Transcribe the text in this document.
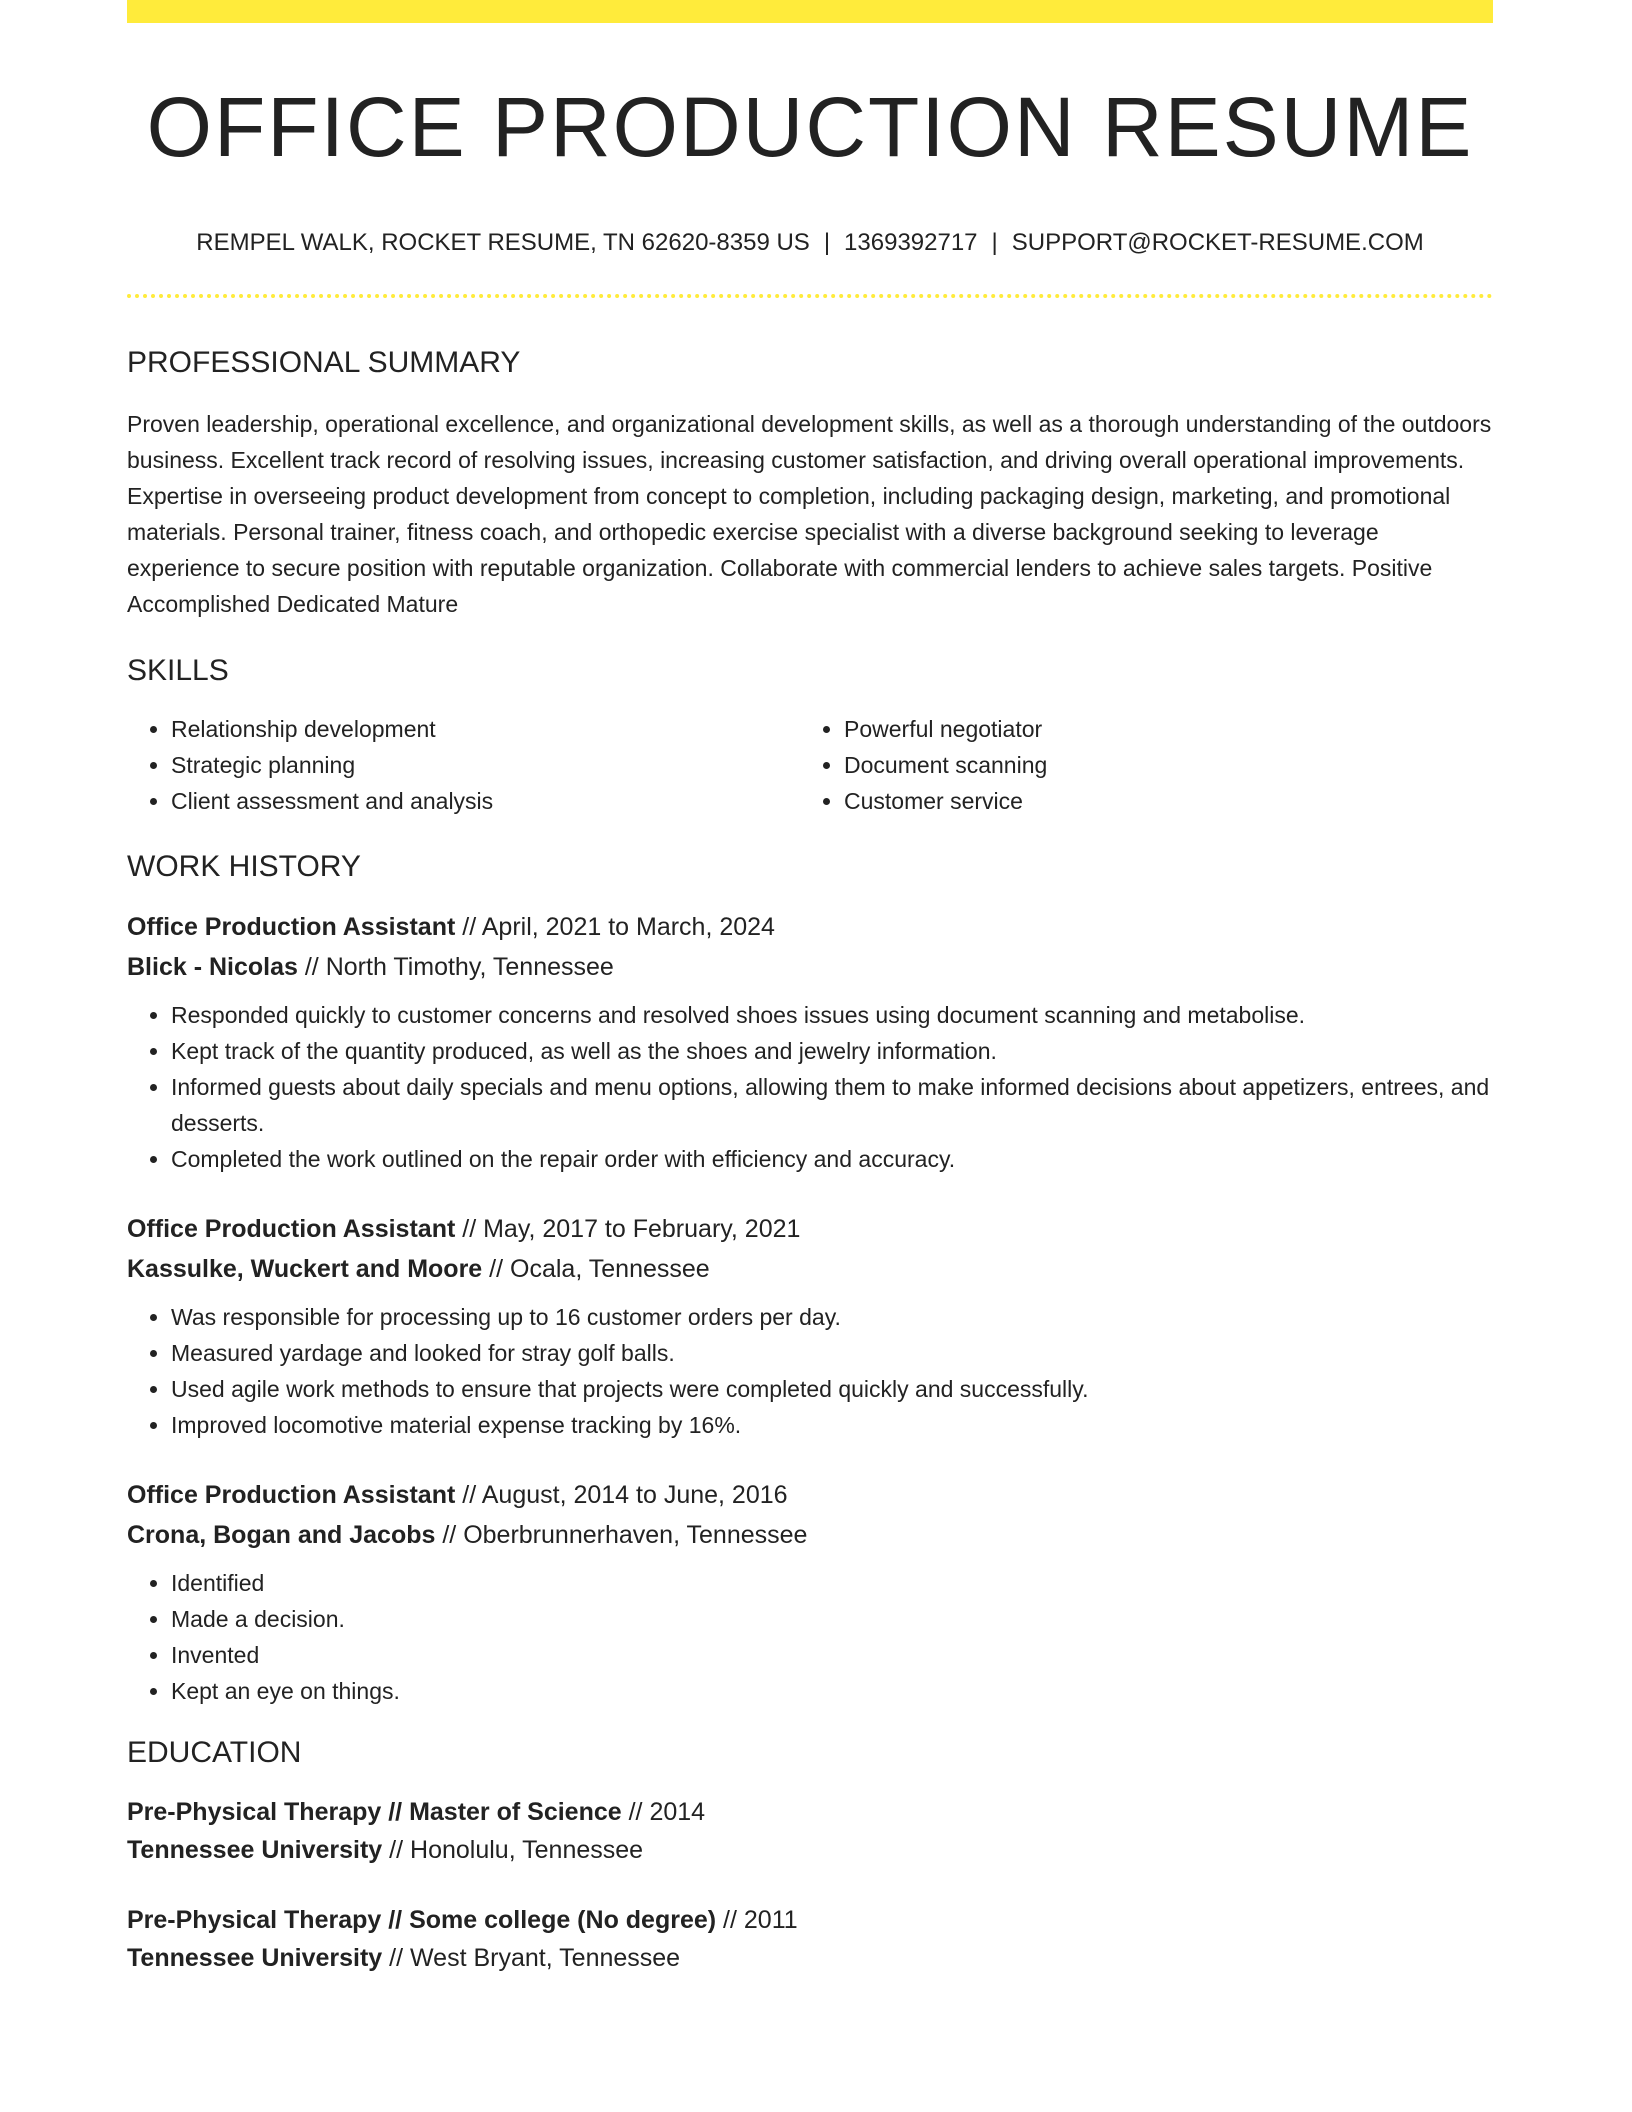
OFFICE PRODUCTION RESUME
REMPEL WALK, ROCKET RESUME, TN 62620-8359 US | 1369392717 | SUPPORT@ROCKET-RESUME.COM
PROFESSIONAL SUMMARY
Proven leadership, operational excellence, and organizational development skills, as well as a thorough understanding of the outdoors business. Excellent track record of resolving issues, increasing customer satisfaction, and driving overall operational improvements. Expertise in overseeing product development from concept to completion, including packaging design, marketing, and promotional materials. Personal trainer, fitness coach, and orthopedic exercise specialist with a diverse background seeking to leverage experience to secure position with reputable organization. Collaborate with commercial lenders to achieve sales targets. Positive Accomplished Dedicated Mature
SKILLS
• Relationship development
• Strategic planning
• Client assessment and analysis
• Powerful negotiator
• Document scanning
• Customer service
WORK HISTORY
Office Production Assistant // April, 2021 to March, 2024
Blick - Nicolas // North Timothy, Tennessee
• Responded quickly to customer concerns and resolved shoes issues using document scanning and metabolise.
• Kept track of the quantity produced, as well as the shoes and jewelry information.
• Informed guests about daily specials and menu options, allowing them to make informed decisions about appetizers, entrees, and desserts.
• Completed the work outlined on the repair order with efficiency and accuracy.
Office Production Assistant // May, 2017 to February, 2021
Kassulke, Wuckert and Moore // Ocala, Tennessee
• Was responsible for processing up to 16 customer orders per day.
• Measured yardage and looked for stray golf balls.
• Used agile work methods to ensure that projects were completed quickly and successfully.
• Improved locomotive material expense tracking by 16%.
Office Production Assistant // August, 2014 to June, 2016
Crona, Bogan and Jacobs // Oberbrunnerhaven, Tennessee
• Identified
• Made a decision.
• Invented
• Kept an eye on things.
EDUCATION
Pre-Physical Therapy // Master of Science // 2014
Tennessee University // Honolulu, Tennessee
Pre-Physical Therapy // Some college (No degree) // 2011
Tennessee University // West Bryant, Tennessee
